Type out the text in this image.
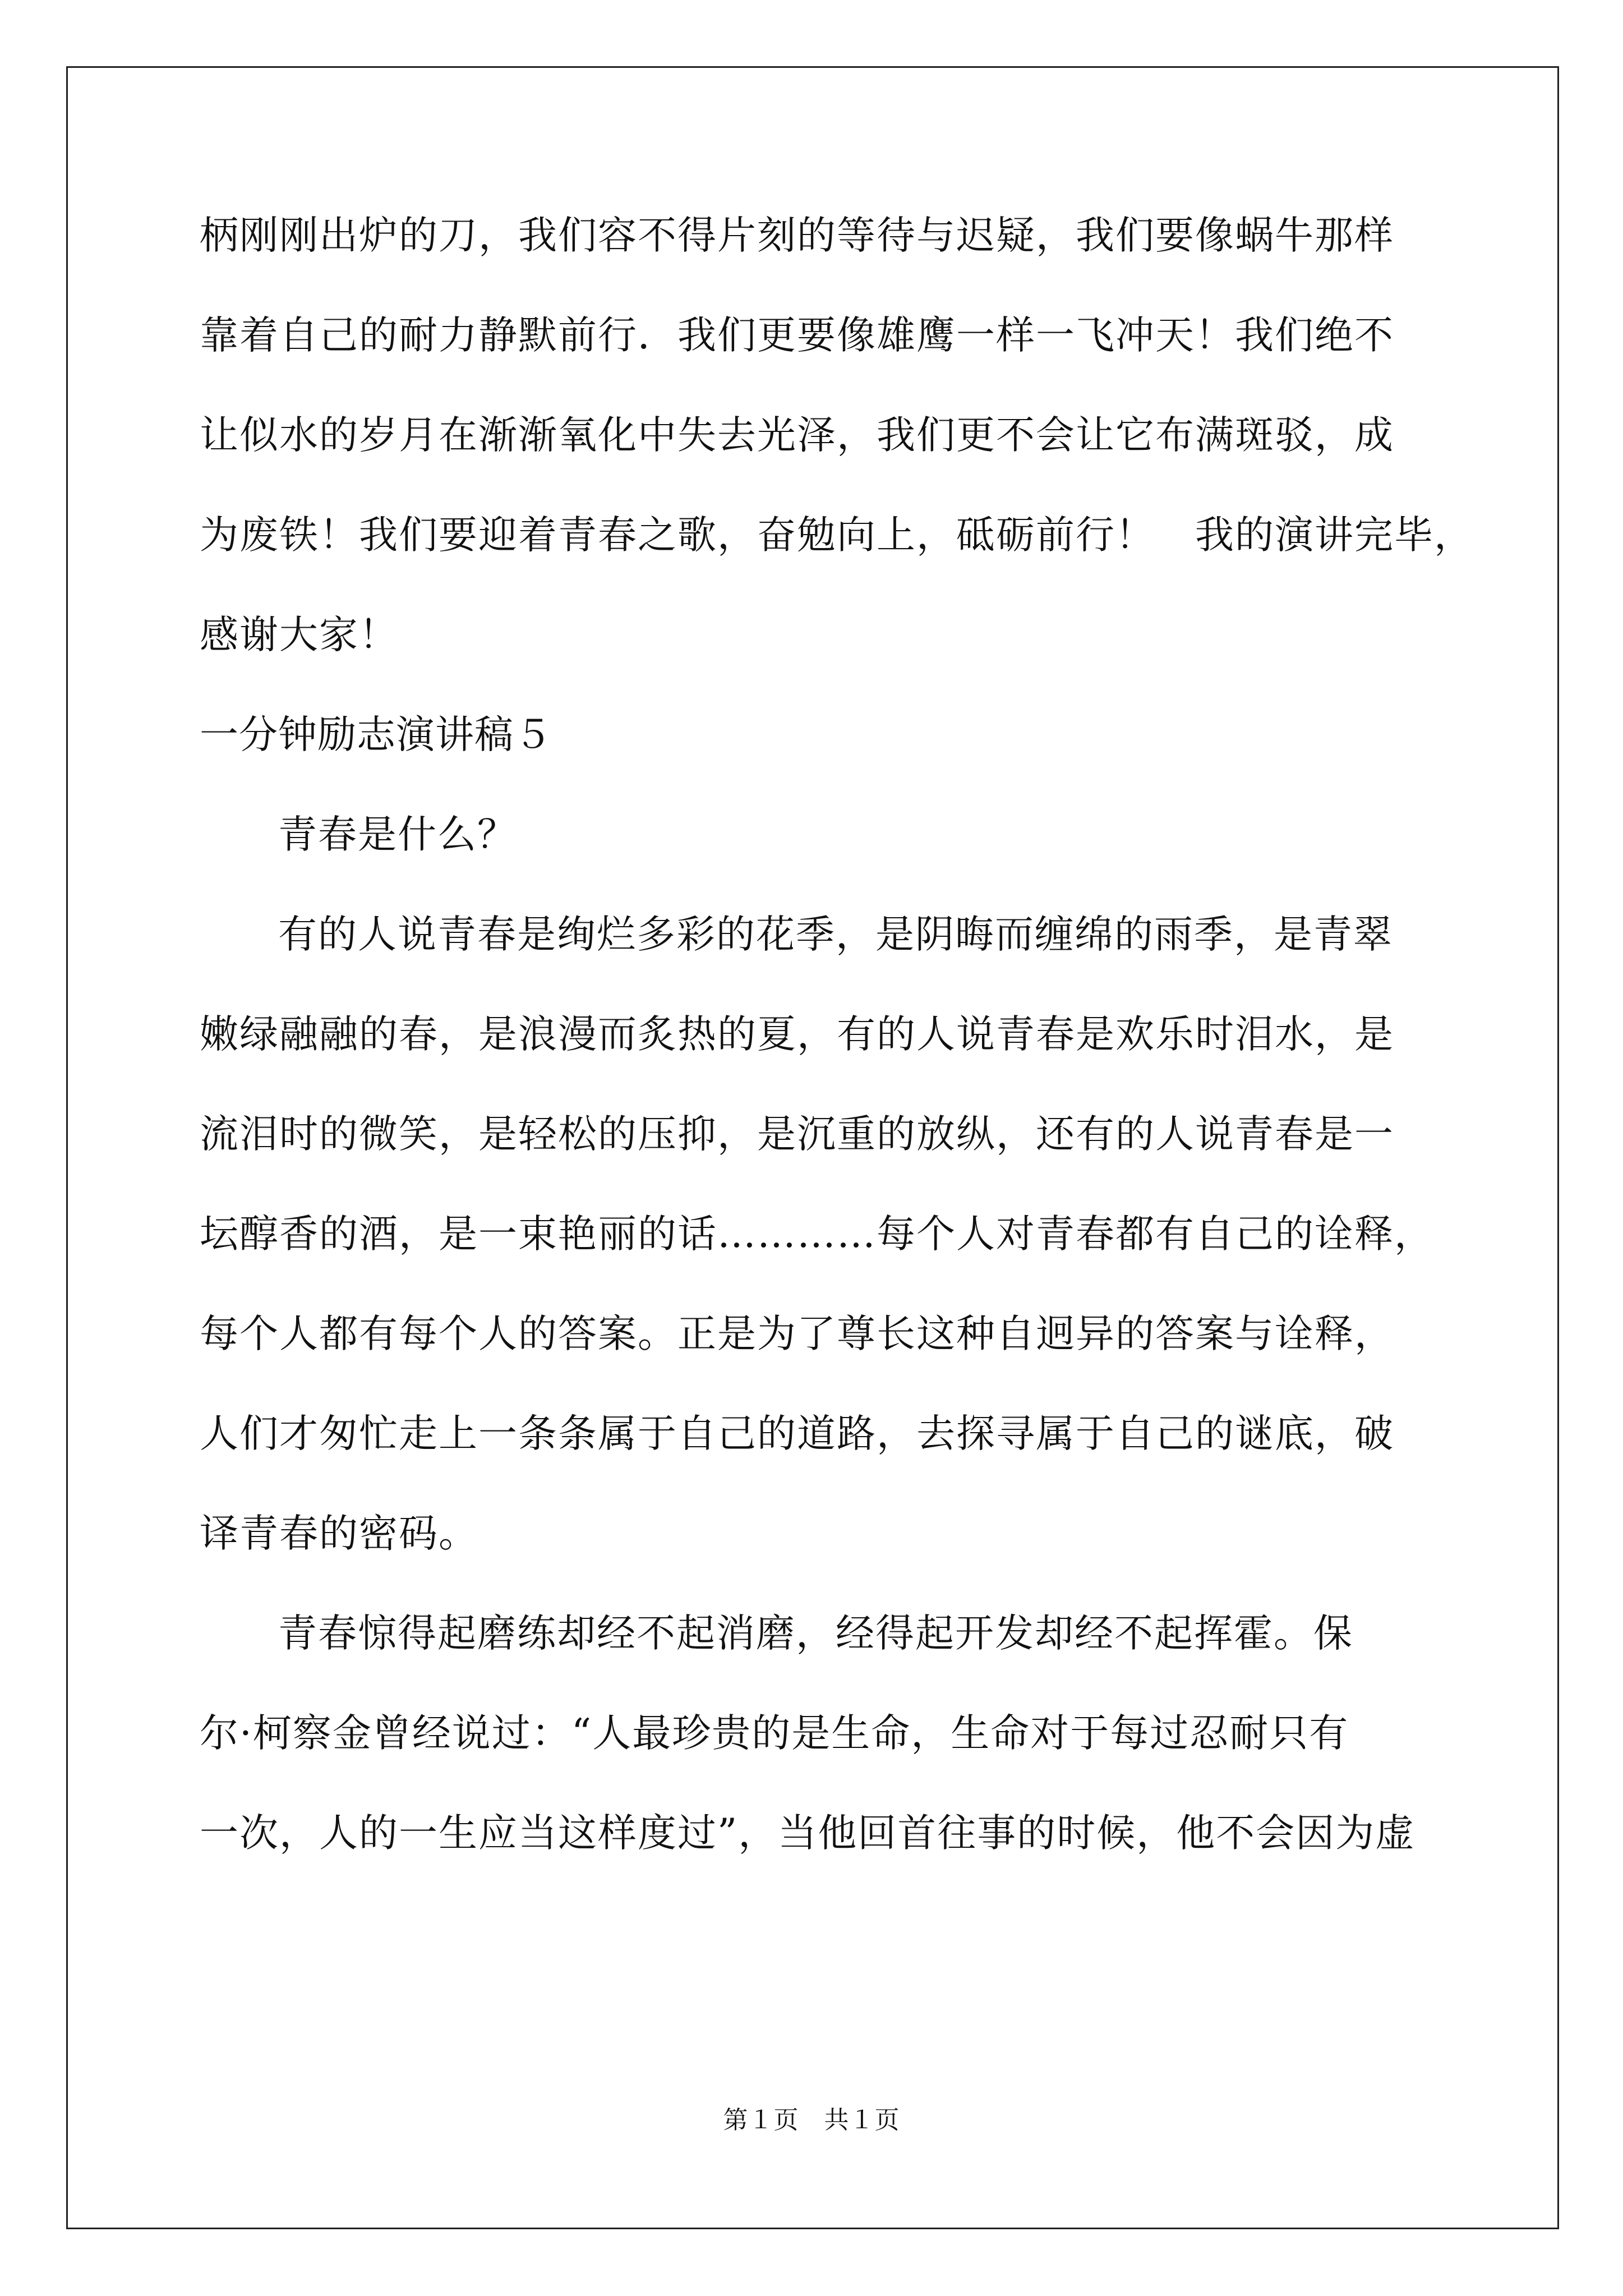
柄刚刚出炉的刀，我们容不得片刻的等待与迟疑，我们要像蜗牛那样
靠着自己的耐力静默前行．我们更要像雄鹰一样一飞冲天！我们绝不
让似水的岁月在渐渐氧化中失去光泽，我们更不会让它布满斑驳，成
为废铁！我们要迎着青春之歌，奋勉向上，砥砺前行！　我的演讲完毕，
感谢大家！
一分钟励志演讲稿５
青春是什么？
有的人说青春是绚烂多彩的花季，是阴晦而缠绵的雨季，是青翠
嫩绿融融的春，是浪漫而炙热的夏，有的人说青春是欢乐时泪水，是
流泪时的微笑，是轻松的压抑，是沉重的放纵，还有的人说青春是一
坛醇香的酒，是一束艳丽的话…………每个人对青春都有自己的诠释，
每个人都有每个人的答案。正是为了尊长这种自迥异的答案与诠释，
人们才匆忙走上一条条属于自己的道路，去探寻属于自己的谜底，破
译青春的密码。
青春惊得起磨练却经不起消磨，经得起开发却经不起挥霍。保
尔·柯察金曾经说过：“人最珍贵的是生命，生命对于每过忍耐只有
一次，人的一生应当这样度过”，当他回首往事的时候，他不会因为虚
第１页　共１页
